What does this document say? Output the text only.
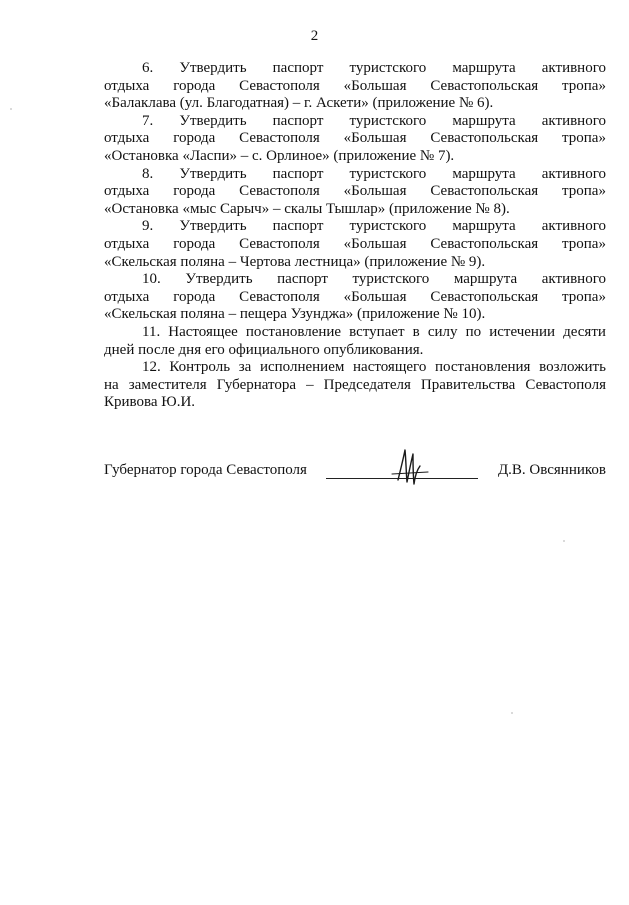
2
6. Утвердить паспорт туристского маршрута активного
отдыха города Севастополя «Большая Севастопольская тропа»
«Балаклава (ул. Благодатная) – г. Аскети» (приложение № 6).
7. Утвердить паспорт туристского маршрута активного
отдыха города Севастополя «Большая Севастопольская тропа»
«Остановка «Ласпи» – с. Орлиное» (приложение № 7).
8. Утвердить паспорт туристского маршрута активного
отдыха города Севастополя «Большая Севастопольская тропа»
«Остановка «мыс Сарыч» – скалы Тышлар» (приложение № 8).
9. Утвердить паспорт туристского маршрута активного
отдыха города Севастополя «Большая Севастопольская тропа»
«Скельская поляна – Чертова лестница» (приложение № 9).
10. Утвердить паспорт туристского маршрута активного
отдыха города Севастополя «Большая Севастопольская тропа»
«Скельская поляна – пещера Узунджа» (приложение № 10).
11. Настоящее постановление вступает в силу по истечении десяти
дней после дня его официального опубликования.
12. Контроль за исполнением настоящего постановления возложить
на заместителя Губернатора – Председателя Правительства Севастополя
Кривова Ю.И.
Губернатор города Севастополя	Д.В. Овсянников
